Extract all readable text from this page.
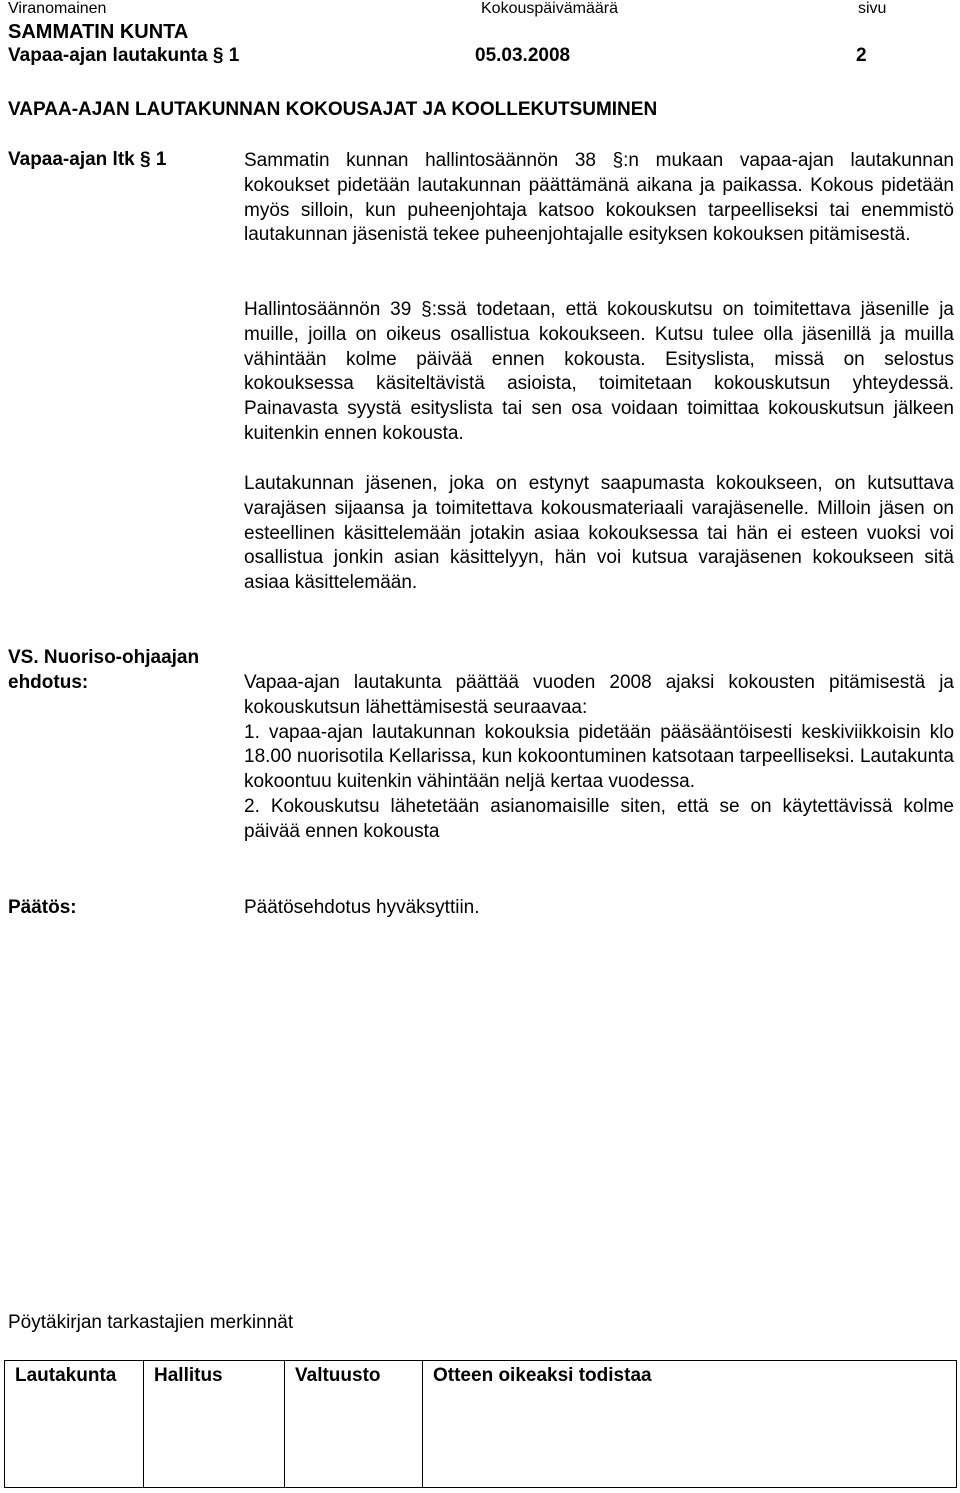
Viranomainen	Kokouspäivämäärä	sivu
SAMMATIN KUNTA
Vapaa-ajan lautakunta § 1	05.03.2008	2
VAPAA-AJAN LAUTAKUNNAN KOKOUSAJAT JA KOOLLEKUTSUMINEN
Vapaa-ajan ltk § 1	Sammatin kunnan hallintosäännön 38 §:n mukaan vapaa-ajan lautakunnan kokoukset pidetään lautakunnan päättämänä aikana ja paikassa. Kokous pidetään myös silloin, kun puheenjohtaja katsoo kokouksen tarpeelliseksi tai enemmistö lautakunnan jäsenistä tekee puheenjohtajalle esityksen kokouksen pitämisestä.

Hallintosäännön 39 §:ssä todetaan, että kokouskutsu on toimitettava jäsenille ja muille, joilla on oikeus osallistua kokoukseen. Kutsu tulee olla jäsenillä ja muilla vähintään kolme päivää ennen kokousta. Esityslista, missä on selostus kokouksessa käsiteltävistä asioista, toimitetaan kokouskutsun yhteydessä. Painavasta syystä esityslista tai sen osa voidaan toimittaa kokouskutsun jälkeen kuitenkin ennen kokousta.

Lautakunnan jäsenen, joka on estynyt saapumasta kokoukseen, on kutsuttava varajäsen sijaansa ja toimitettava kokousmateriaali varajäsenelle. Milloin jäsen on esteellinen käsittelemään jotakin asiaa kokouksessa tai hän ei esteen vuoksi voi osallistua jonkin asian käsittelyyn, hän voi kutsua varajäsenen kokoukseen sitä asiaa käsittelemään.

VS. Nuoriso-ohjaajan
ehdotus:	Vapaa-ajan lautakunta päättää vuoden 2008 ajaksi kokousten pitämisestä ja kokouskutsun lähettämisestä seuraavaa:
1. vapaa-ajan lautakunnan kokouksia pidetään pääsääntöisesti keskiviikkoisin klo 18.00 nuorisotila Kellarissa, kun kokoontuminen katsotaan tarpeelliseksi. Lautakunta kokoontuu kuitenkin vähintään neljä kertaa vuodessa.
2. Kokouskutsu lähetetään asianomaisille siten, että se on käytettävissä kolme päivää ennen kokousta
Päätös:	Päätösehdotus hyväksyttiin.
Pöytäkirjan tarkastajien merkinnät
Lautakunta	Hallitus	Valtuusto	Otteen oikeaksi todistaa
